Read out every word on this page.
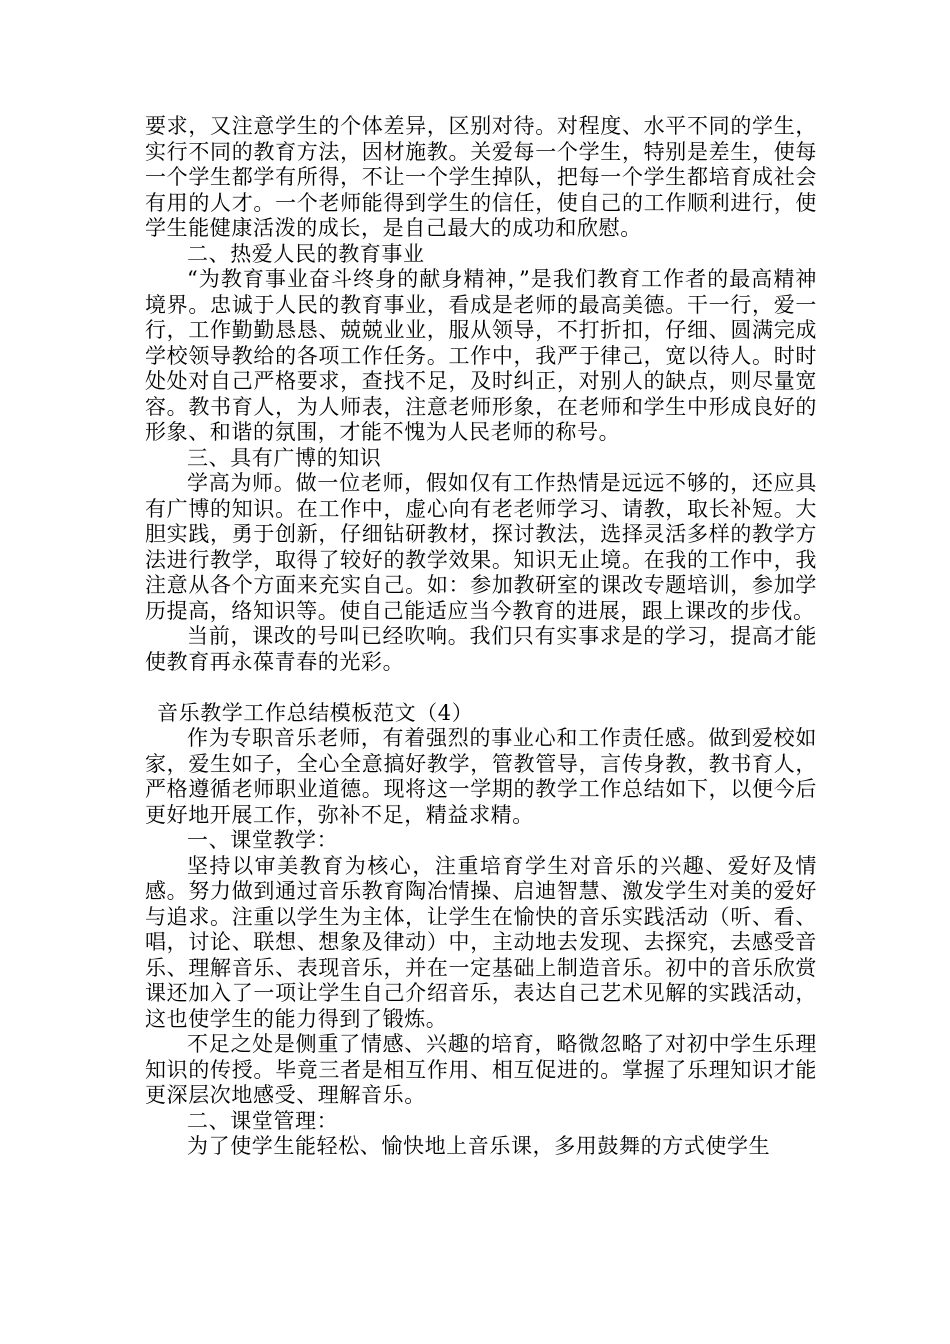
要求，又注意学生的个体差异，区别对待。对程度、水平不同的学生，实行不同的教育方法，因材施教。关爱每一个学生，特别是差生，使每一个学生都学有所得，不让一个学生掉队，把每一个学生都培育成社会有用的人才。一个老师能得到学生的信任，使自己的工作顺利进行，使学生能健康活泼的成长，是自己最大的成功和欣慰。

二、热爱人民的教育事业

“为教育事业奋斗终身的献身精神，”是我们教育工作者的最高精神境界。忠诚于人民的教育事业，看成是老师的最高美德。干一行，爱一行，工作勤勤恳恳、兢兢业业，服从领导，不打折扣，仔细、圆满完成学校领导教给的各项工作任务。工作中，我严于律己，宽以待人。时时处处对自己严格要求，查找不足，及时纠正，对别人的缺点，则尽量宽容。教书育人，为人师表，注意老师形象，在老师和学生中形成良好的形象、和谐的氛围，才能不愧为人民老师的称号。

三、具有广博的知识

学高为师。做一位老师，假如仅有工作热情是远远不够的，还应具有广博的知识。在工作中，虚心向有老老师学习、请教，取长补短。大胆实践，勇于创新，仔细钻研教材，探讨教法，选择灵活多样的教学方法进行教学，取得了较好的教学效果。知识无止境。在我的工作中，我注意从各个方面来充实自己。如：参加教研室的课改专题培训，参加学历提高，络知识等。使自己能适应当今教育的进展，跟上课改的步伐。

当前，课改的号叫已经吹响。我们只有实事求是的学习，提高才能使教育再永葆青春的光彩。

音乐教学工作总结模板范文（4）

作为专职音乐老师，有着强烈的事业心和工作责任感。做到爱校如家，爱生如子，全心全意搞好教学，管教管导，言传身教，教书育人，严格遵循老师职业道德。现将这一学期的教学工作总结如下，以便今后更好地开展工作，弥补不足，精益求精。

一、课堂教学：

坚持以审美教育为核心，注重培育学生对音乐的兴趣、爱好及情感。努力做到通过音乐教育陶冶情操、启迪智慧、激发学生对美的爱好与追求。注重以学生为主体，让学生在愉快的音乐实践活动（听、看、唱，讨论、联想、想象及律动）中，主动地去发现、去探究，去感受音乐、理解音乐、表现音乐，并在一定基础上制造音乐。初中的音乐欣赏课还加入了一项让学生自己介绍音乐，表达自己艺术见解的实践活动，这也使学生的能力得到了锻炼。

不足之处是侧重了情感、兴趣的培育，略微忽略了对初中学生乐理知识的传授。毕竟三者是相互作用、相互促进的。掌握了乐理知识才能更深层次地感受、理解音乐。

二、课堂管理：

为了使学生能轻松、愉快地上音乐课，多用鼓舞的方式使学生
